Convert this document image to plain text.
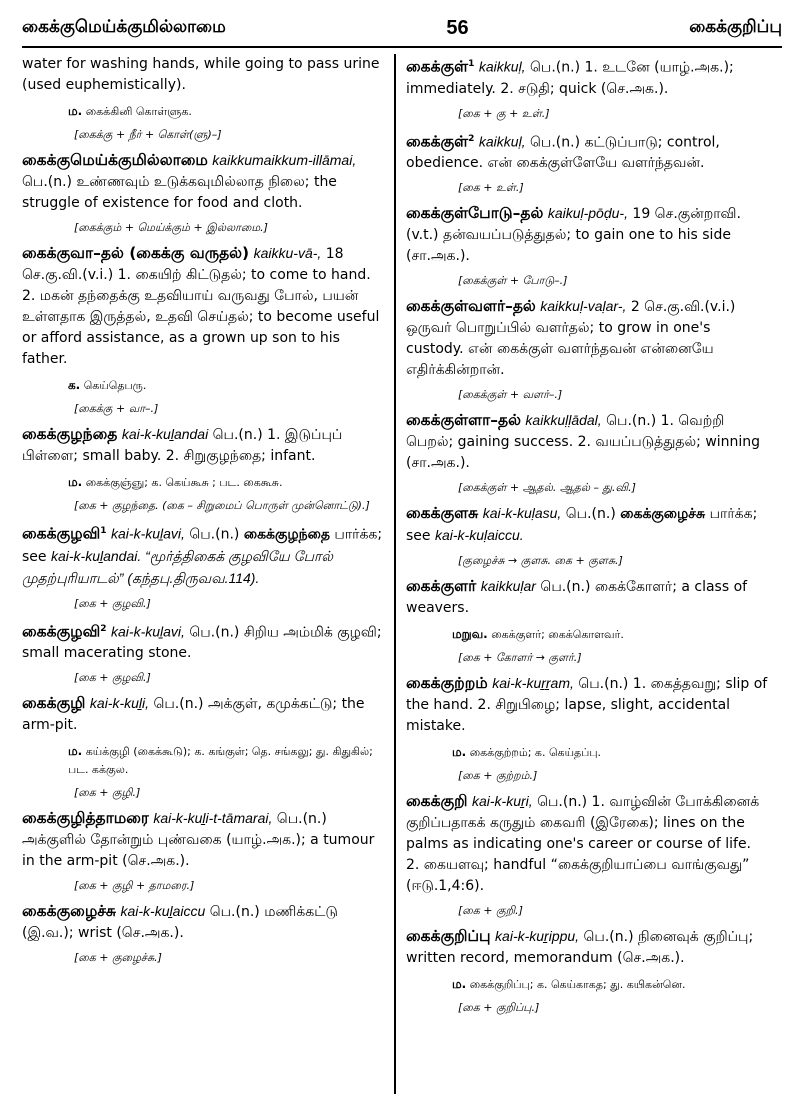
கைக்குமெய்க்குமில்லாமை	56	கைக்குறிப்பு

water for washing hands, while going to pass urine (used euphemistically).

ம. கைக்கினி கொள்ளுக.
[கைக்கு + நீர் + கொள்(ளு)–]

கைக்குமெய்க்குமில்லாமை kaikkumaikkum-illāmai, பெ.(n.) உண்ணவும் உடுக்கவுமில்லாத நிலை; the struggle of existence for food and cloth.

[கைக்கும் + மெய்க்கும் + இல்லாமை.]

கைக்குவா–தல் (கைக்கு வருதல்) kaikku-vā-, 18 செ.கு.வி.(v.i.) 1. கையிற் கிட்டுதல்; to come to hand. 2. மகன் தந்தைக்கு உதவியாய் வருவது போல், பயன் உள்ளதாக இருத்தல், உதவி செய்தல்; to become useful or afford assistance, as a grown up son to his father.

க. கெய்தெபரு.
[கைக்கு + வா–.]

கைக்குழந்தை kai-k-kuḻandai பெ.(n.) 1. இடுப்புப் பிள்ளை; small baby. 2. சிறுகுழந்தை; infant.

ம. கைக்குஞ்ஞு; க. கெய்கூசு ; பட. கைகூசு.
[கை + குழந்தை. (கை – சிறுமைப் பொருள் முன்னொட்டு).]

கைக்குழவி$^1$ kai-k-kuḻavi, பெ.(n.) கைக்குழந்தை பார்க்க; see kai-k-kuḻandai. “மூர்த்திகைக் குழவியே போல் முதற்புரியாடல்” (கந்தபு.திருவவ.114).

[கை + குழவி.]

கைக்குழவி$^2$ kai-k-kuḻavi, பெ.(n.) சிறிய அம்மிக் குழவி; small macerating stone.

[கை + குழவி.]

கைக்குழி kai-k-kuḻi, பெ.(n.) அக்குள், கமுக்கட்டு; the arm-pit.

ம. கய்க்குழி (கைக்கூடு); க. கங்குள்; தெ. சங்கலு; து. கிதுகில்; பட. கக்குல.
[கை + குழி.]

கைக்குழித்தாமரை kai-k-kuḻi-t-tāmarai, பெ.(n.) அக்குளில் தோன்றும் புண்வகை (யாழ்.அக.); a tumour in the arm-pit (செ.அக.).

[கை + குழி + தாமரை.]

கைக்குழைச்சு kai-k-kuḻaiccu பெ.(n.) மணிக்கட்டு (இ.வ.); wrist (செ.அக.).

[கை + குழைச்சு.]

கைக்குள்$^1$ kaikkuḷ, பெ.(n.) 1. உடனே (யாழ்.அக.); immediately. 2. சடுதி; quick (செ.அக.).

[கை + கு + உள்.]

கைக்குள்$^2$ kaikkuḷ, பெ.(n.) கட்டுப்பாடு; control, obedience. என் கைக்குள்ளேயே வளர்ந்தவன்.

[கை + உள்.]

கைக்குள்போடு–தல் kaikuḷ-pōḍu-, 19 செ.குன்றாவி.(v.t.) தன்வயப்படுத்துதல்; to gain one to his side (சா.அக.).

[கைக்குள் + போடு–.]

கைக்குள்வளர்–தல் kaikkuḷ-vaḷar-, 2 செ.கு.வி.(v.i.) ஒருவர் பொறுப்பில் வளர்தல்; to grow in one's custody. என் கைக்குள் வளர்ந்தவன் என்னையே எதிர்க்கின்றான்.

[கைக்குள் + வளர்–.]

கைக்குள்ளா–தல் kaikkuḷḷādal, பெ.(n.) 1. வெற்றி பெறல்; gaining success. 2. வயப்படுத்துதல்; winning (சா.அக.).

[கைக்குள் + ஆதல். ஆதல் – து.வி.]

கைக்குளசு kai-k-kuḷasu, பெ.(n.) கைக்குழைச்சு பார்க்க; see kai-k-kuḷaiccu.

[குழைச்சு → குளசு. கை + குளசு.]

கைக்குளர் kaikkuḷar பெ.(n.) கைக்கோளர்; a class of weavers.

மறுவ. கைக்குளர்; கைக்கொளவர்.
[கை + கோளர் → குளர்.]

கைக்குற்றம் kai-k-kuṟṟam, பெ.(n.) 1. கைத்தவறு; slip of the hand. 2. சிறுபிழை; lapse, slight, accidental mistake.

ம. கைக்குற்றம்; க. கெய்தப்பு.
[கை + குற்றம்.]

கைக்குறி kai-k-kuṟi, பெ.(n.) 1. வாழ்வின் போக்கினைக் குறிப்பதாகக் கருதும் கைவரி (இரேகை); lines on the palms as indicating one's career or course of life. 2. கையளவு; handful “கைக்குறியாப்பை வாங்குவது” (ஈடு.1,4:6).

[கை + குறி.]

கைக்குறிப்பு kai-k-kuṟippu, பெ.(n.) நினைவுக் குறிப்பு; written record, memorandum (செ.அக.).

ம. கைக்குறிப்பு; க. கெய்காகத; து. கயிகன்னெ.
[கை + குறிப்பு.]
